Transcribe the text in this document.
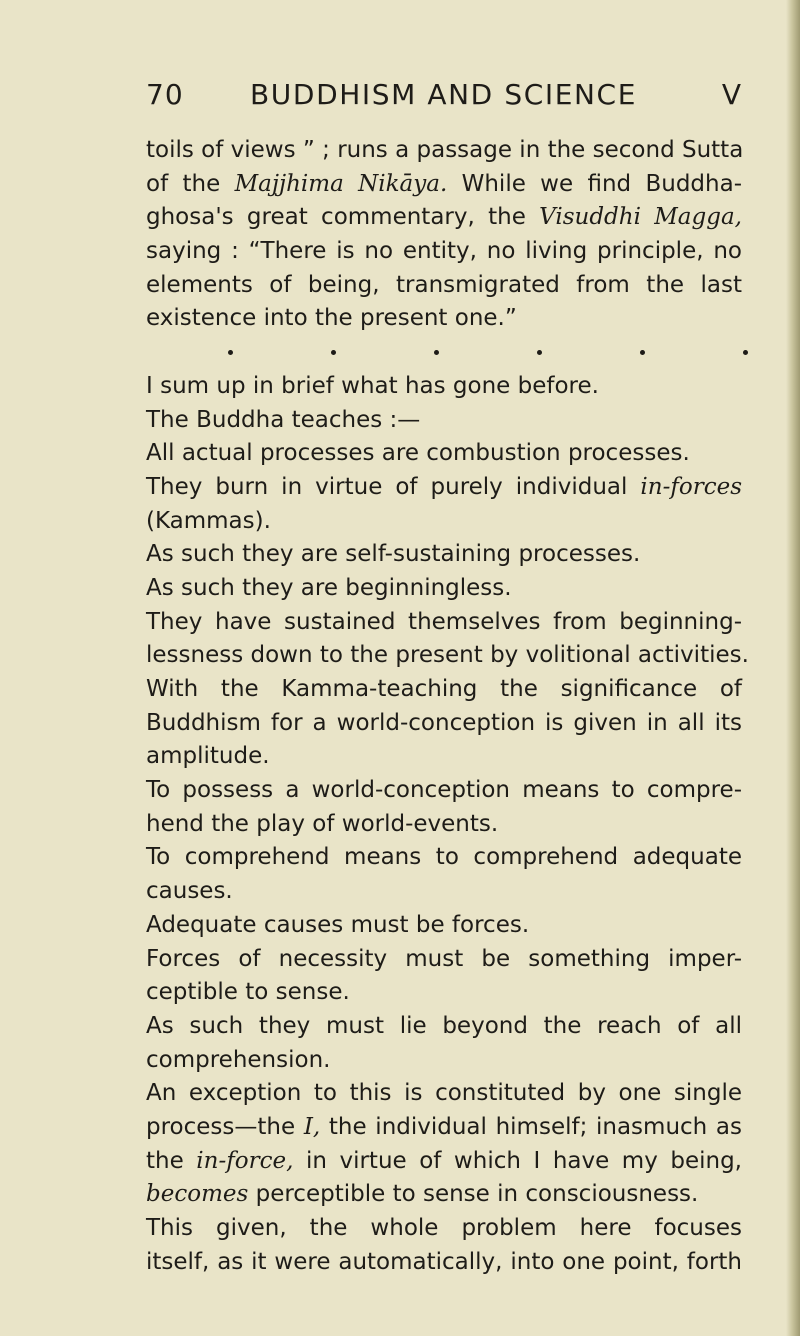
70 BUDDHISM AND SCIENCE	V
toils of views ” ; runs a passage in the second Sutta
of the Majjhima Nikāya. While we find Buddha-
ghosa's great commentary, the Visuddhi Magga,
saying : “There is no entity, no living principle, no
elements of being, transmigrated from the last
existence into the present one.”
I sum up in brief what has gone before.
The Buddha teaches :—
All actual processes are combustion processes.
They burn in virtue of purely individual in-forces
(Kammas).
As such they are self-sustaining processes.
As such they are beginningless.
They have sustained themselves from beginning-
lessness down to the present by volitional activities.
With the Kamma-teaching the significance of
Buddhism for a world-conception is given in all its
amplitude.
To possess a world-conception means to compre-
hend the play of world-events.
To comprehend means to comprehend adequate
causes.
Adequate causes must be forces.
Forces of necessity must be something imper-
ceptible to sense.
As such they must lie beyond the reach of all
comprehension.
An exception to this is constituted by one single
process—the I, the individual himself; inasmuch as
the in-force, in virtue of which I have my being,
becomes perceptible to sense in consciousness.
This given, the whole problem here focuses
itself, as it were automatically, into one point, forth
